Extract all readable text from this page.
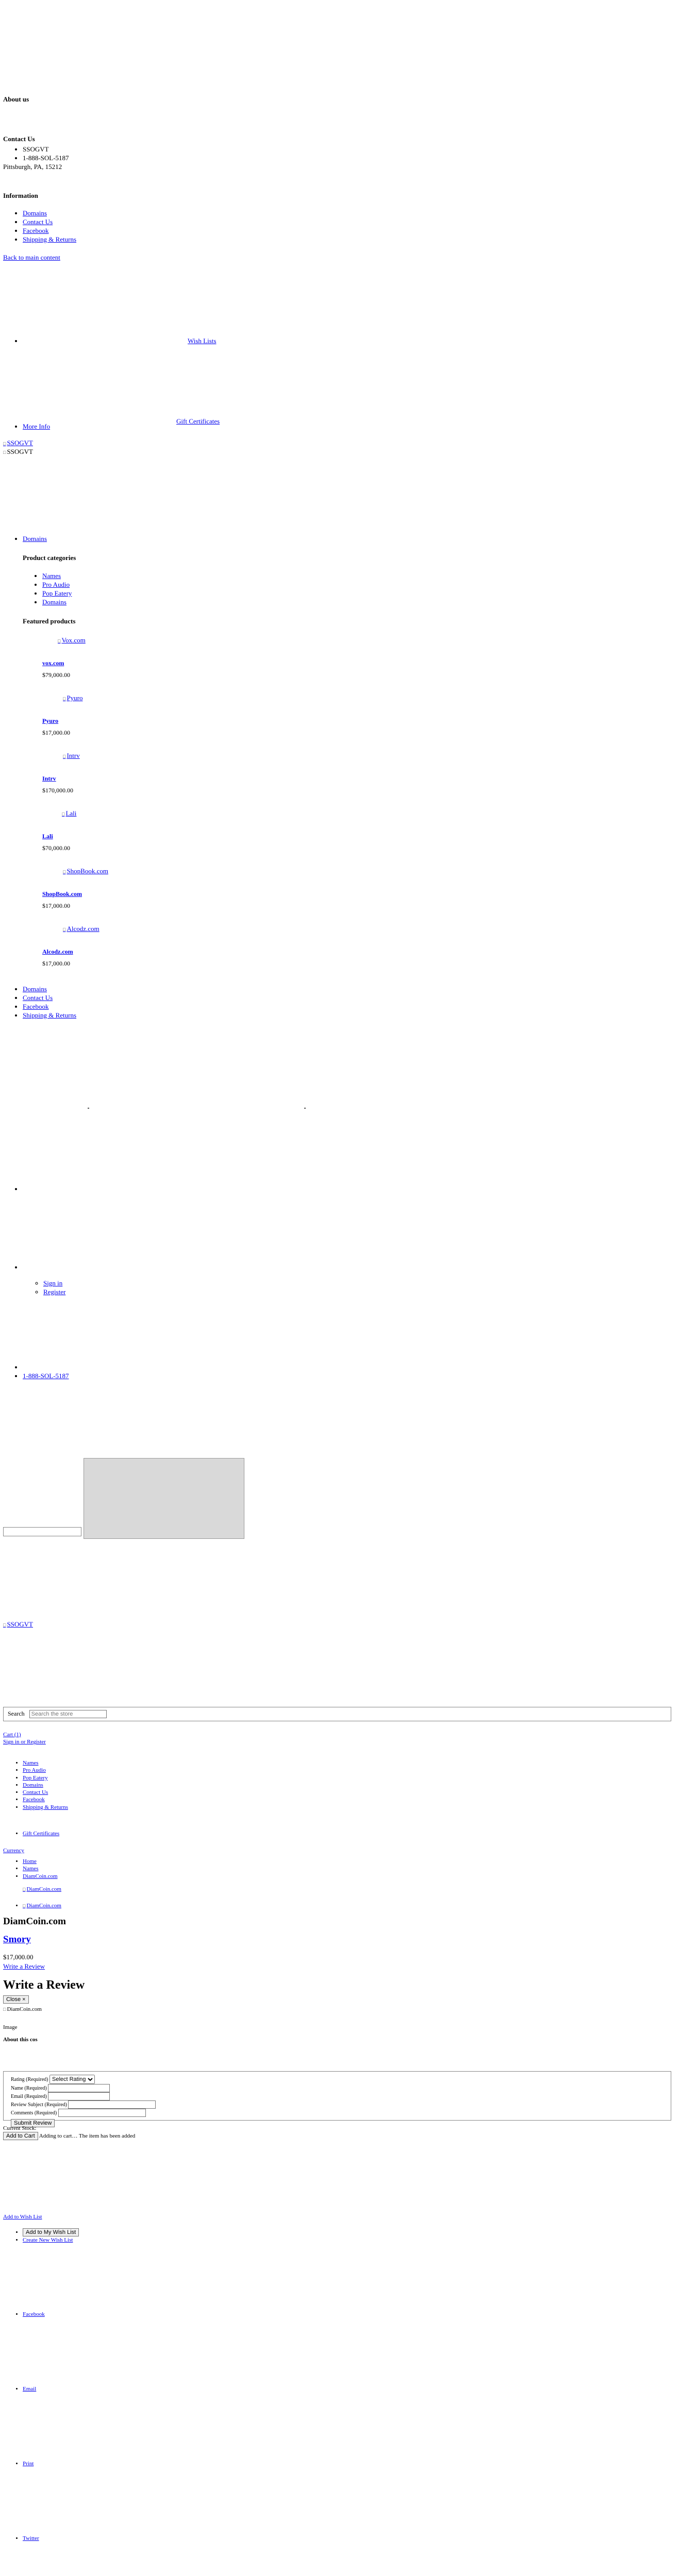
About us
Contact Us
• SSOGVT
• 1-888-SOL-5187
Pittsburgh, PA, 15212
Information
• Domains
• Contact Us
• Facebook
• Shipping & Returns
Back to main content
• Wish Lists
Gift Certificates
• More Info
□ SSOGVT
□ SSOGVT
• Domains
Product categories
• Names
• Pro Audio
• Pop Eatery
• Domains
Featured products
□ Vox.com
vox.com
$79,000.00
□ Pyuro
Pyuro
$17,000.00
□ Intrv
Intrv
$170,000.00
□ Lali
Lali
$70,000.00
□ ShopBook.com
ShopBook.com
$17,000.00
□ Alcodz.com
Alcodz.com
$17,000.00
• Domains
• Contact Us
• Facebook
• Shipping & Returns
•
◦ Sign in
◦ Register
•
• 1-888-SOL-5187
□ SSOGVT
Search Search the store
Cart (1)
Sign in or Register
• Names
• Pro Audio
• Pop Eatery
• Domains
• Contact Us
• Facebook
• Shipping & Returns
• Gift Certificates
Currency
• Home
• Names
• DiamCoin.com
□ DiamCoin.com
• □ DiamCoin.com
DiamCoin.com
Smory
$17,000.00
Write a Review
Write a Review
Close ×
□ DiamCoin.com
Image
About this cos
Rating (Required)
Select Rating
Name (Required)
Email (Required)
Review Subject (Required)
Comments (Required)
Submit Review
Current Stock:
Add to Cart Adding to cart… The item has been added
Add to Wish List
• Add to My Wish List
• Create New Wish List
• Facebook
• Email
• Print
• Twitter
